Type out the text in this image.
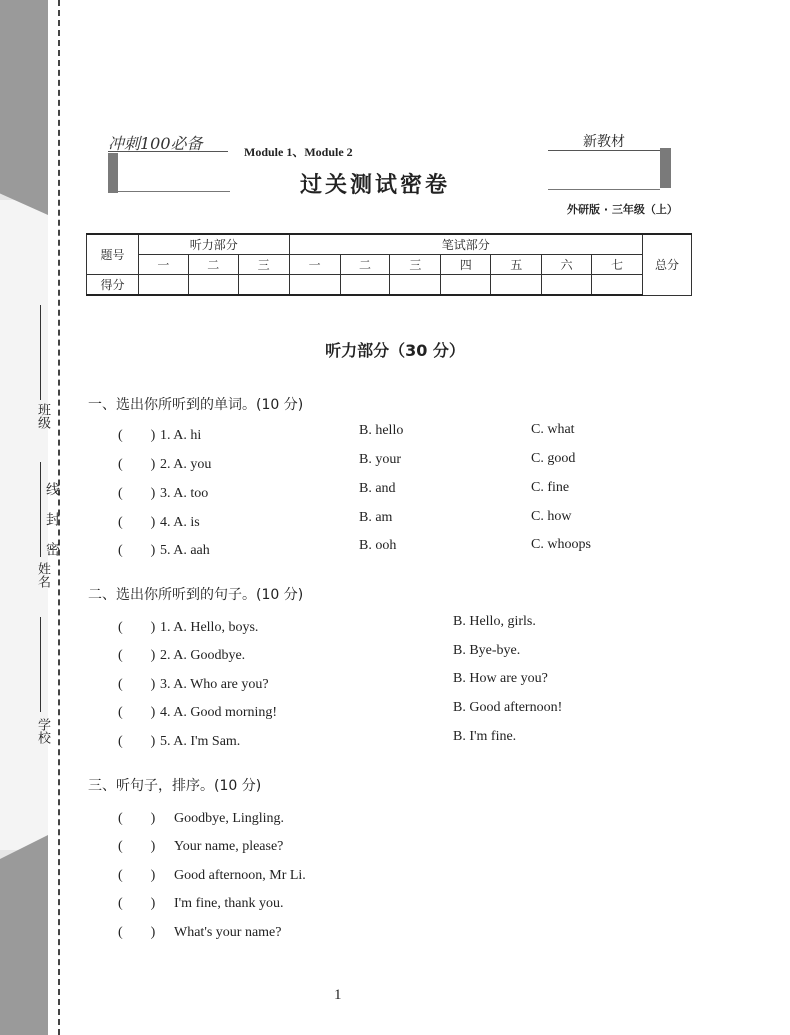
班级
姓名
学校
线
封
密
冲刺100必备	Module 1、Module 2
过关测试密卷
新教材
外研版 · 三年级（上）
题号	听力部分			笔试部分							总分
	一	二	三	一	二	三	四	五	六	七	
得分											
听力部分（30 分）
一、选出你所听到的单词。(10 分)
(　　) 1. A. hi	B. hello	C. what
(　　) 2. A. you	B. your	C. good
(　　) 3. A. too	B. and	C. fine
(　　) 4. A. is	B. am	C. how
(　　) 5. A. aah	B. ooh	C. whoops
二、选出你所听到的句子。(10 分)
(　　) 1. A. Hello, boys.	B. Hello, girls.
(　　) 2. A. Goodbye.	B. Bye-bye.
(　　) 3. A. Who are you?	B. How are you?
(　　) 4. A. Good morning!	B. Good afternoon!
(　　) 5. A. I'm Sam.	B. I'm fine.
三、听句子，排序。(10 分)
(　　) Goodbye, Lingling.
(　　) Your name, please?
(　　) Good afternoon, Mr Li.
(　　) I'm fine, thank you.
(　　) What's your name?
1
